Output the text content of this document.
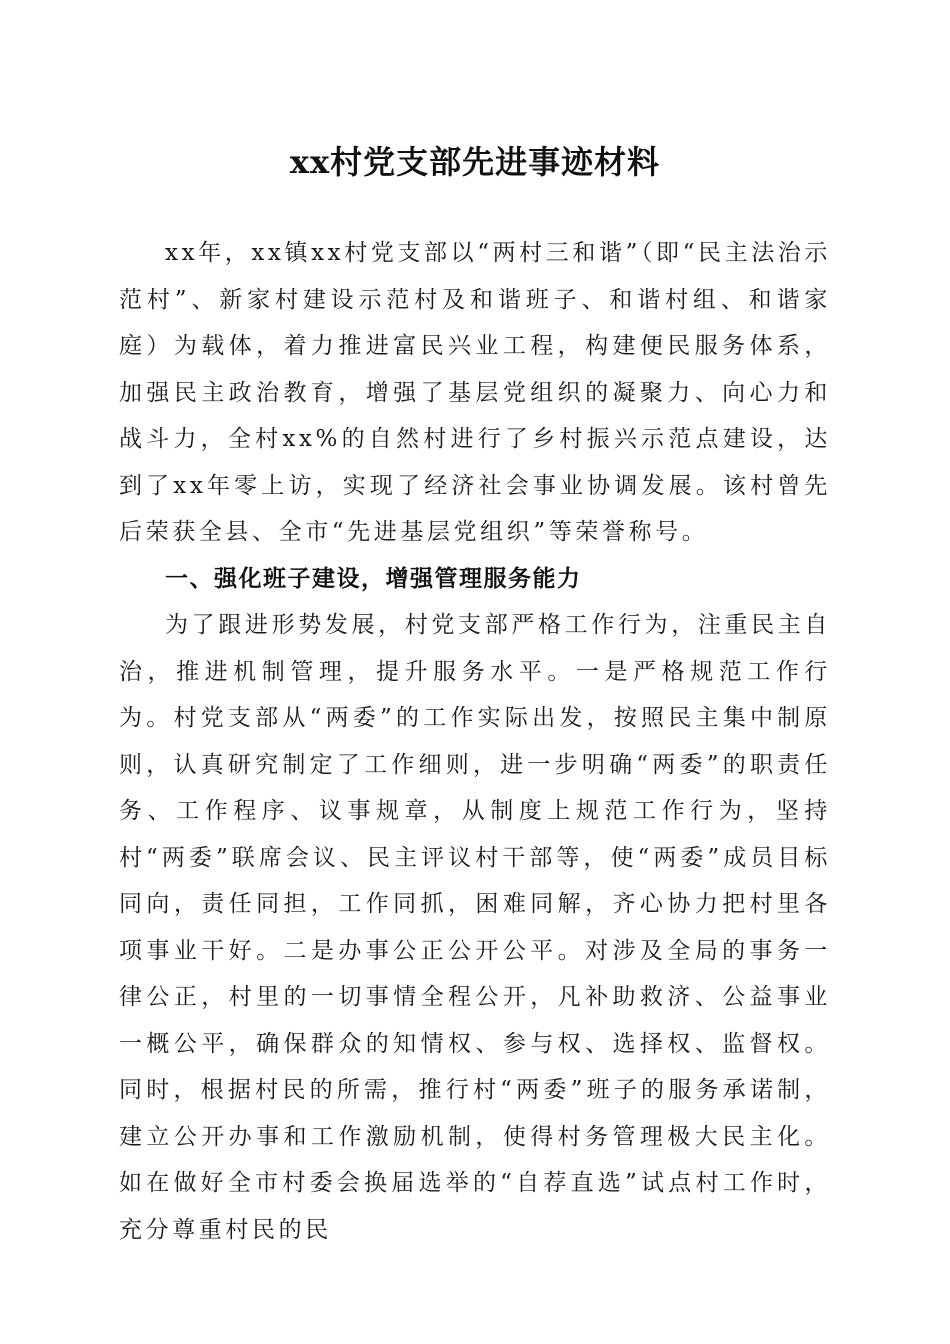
xx村党支部先进事迹材料

xx年，xx镇xx村党支部以“两村三和谐”（即“民主法治示范村”、新家村建设示范村及和谐班子、和谐村组、和谐家庭）为载体，着力推进富民兴业工程，构建便民服务体系，加强民主政治教育，增强了基层党组织的凝聚力、向心力和战斗力，全村xx%的自然村进行了乡村振兴示范点建设，达到了xx年零上访，实现了经济社会事业协调发展。该村曾先后荣获全县、全市“先进基层党组织”等荣誉称号。

一、强化班子建设，增强管理服务能力

为了跟进形势发展，村党支部严格工作行为，注重民主自治，推进机制管理，提升服务水平。一是严格规范工作行为。村党支部从“两委”的工作实际出发，按照民主集中制原则，认真研究制定了工作细则，进一步明确“两委”的职责任务、工作程序、议事规章，从制度上规范工作行为，坚持村“两委”联席会议、民主评议村干部等，使“两委”成员目标同向，责任同担，工作同抓，困难同解，齐心协力把村里各项事业干好。二是办事公正公开公平。对涉及全局的事务一律公正，村里的一切事情全程公开，凡补助救济、公益事业一概公平，确保群众的知情权、参与权、选择权、监督权。同时，根据村民的所需，推行村“两委”班子的服务承诺制，建立公开办事和工作激励机制，使得村务管理极大民主化。如在做好全市村委会换届选举的“自荐直选”试点村工作时，充分尊重村民的民
